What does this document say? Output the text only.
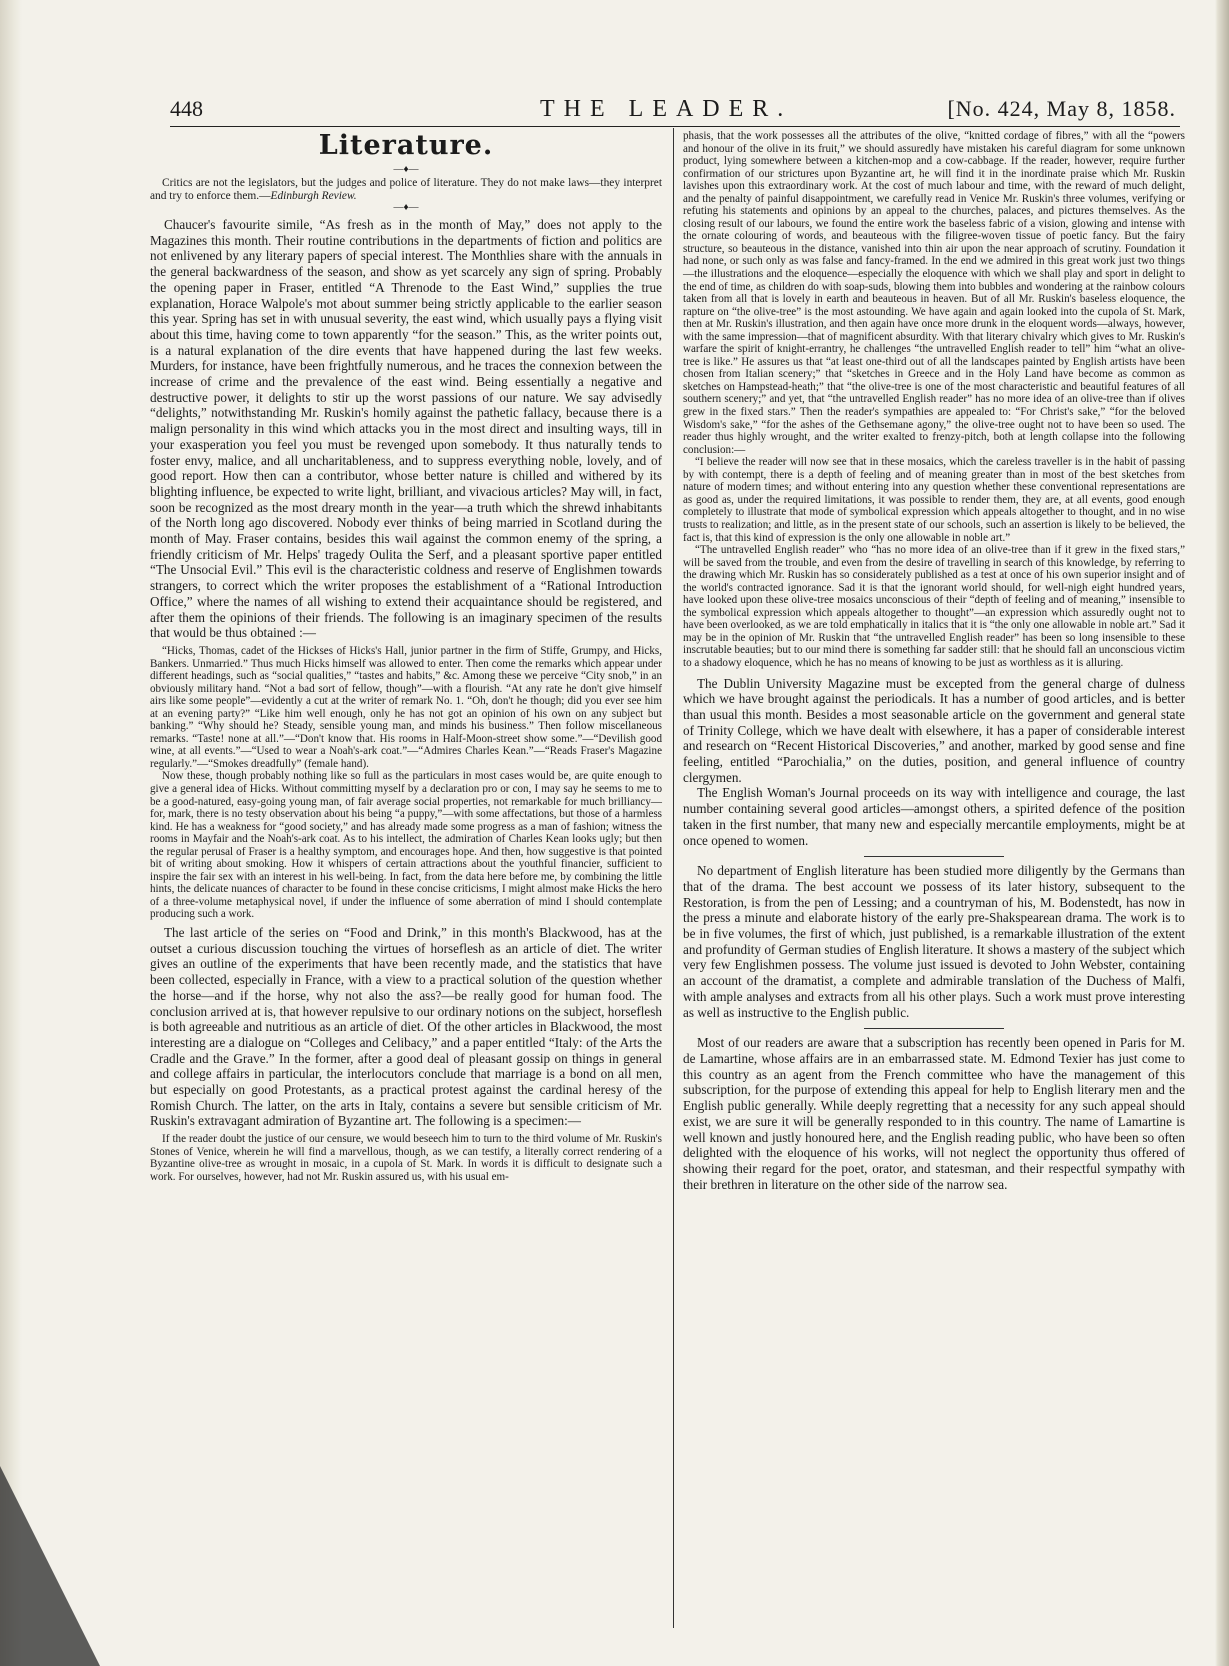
448	THE LEADER.	[No. 424, May 8, 1858.
Literature.

—♦—

Critics are not the legislators, but the judges and police of literature. They do not make laws—they interpret and try to enforce them.—Edinburgh Review.

—♦—

Chaucer's favourite simile, “As fresh as in the month of May,” does not apply to the Magazines this month. Their routine contributions in the departments of fiction and politics are not enlivened by any literary papers of special interest. The Monthlies share with the annuals in the general backwardness of the season, and show as yet scarcely any sign of spring. Probably the opening paper in Fraser, entitled “A Threnode to the East Wind,” supplies the true explanation, Horace Walpole's mot about summer being strictly applicable to the earlier season this year. Spring has set in with unusual severity, the east wind, which usually pays a flying visit about this time, having come to town apparently “for the season.” This, as the writer points out, is a natural explanation of the dire events that have happened during the last few weeks. Murders, for instance, have been frightfully numerous, and he traces the connexion between the increase of crime and the prevalence of the east wind. Being essentially a negative and destructive power, it delights to stir up the worst passions of our nature. We say advisedly “delights,” notwithstanding Mr. Ruskin's homily against the pathetic fallacy, because there is a malign personality in this wind which attacks you in the most direct and insulting ways, till in your exasperation you feel you must be revenged upon somebody. It thus naturally tends to foster envy, malice, and all uncharitableness, and to suppress everything noble, lovely, and of good report. How then can a contributor, whose better nature is chilled and withered by its blighting influence, be expected to write light, brilliant, and vivacious articles? May will, in fact, soon be recognized as the most dreary month in the year—a truth which the shrewd inhabitants of the North long ago discovered. Nobody ever thinks of being married in Scotland during the month of May. Fraser contains, besides this wail against the common enemy of the spring, a friendly criticism of Mr. Helps' tragedy Oulita the Serf, and a pleasant sportive paper entitled “The Unsocial Evil.” This evil is the characteristic coldness and reserve of Englishmen towards strangers, to correct which the writer proposes the establishment of a “Rational Introduction Office,” where the names of all wishing to extend their acquaintance should be registered, and after them the opinions of their friends. The following is an imaginary specimen of the results that would be thus obtained :—

“Hicks, Thomas, cadet of the Hickses of Hicks's Hall, junior partner in the firm of Stiffe, Grumpy, and Hicks, Bankers. Unmarried.” Thus much Hicks himself was allowed to enter. Then come the remarks which appear under different headings, such as “social qualities,” “tastes and habits,” &c. Among these we perceive “City snob,” in an obviously military hand. “Not a bad sort of fellow, though”—with a flourish. “At any rate he don't give himself airs like some people”—evidently a cut at the writer of remark No. 1. “Oh, don't he though; did you ever see him at an evening party?” “Like him well enough, only he has not got an opinion of his own on any subject but banking.” “Why should he? Steady, sensible young man, and minds his business.” Then follow miscellaneous remarks. “Taste! none at all.”—“Don't know that. His rooms in Half-Moon-street show some.”—“Devilish good wine, at all events.”—“Used to wear a Noah's-ark coat.”—“Admires Charles Kean.”—“Reads Fraser's Magazine regularly.”—“Smokes dreadfully” (female hand).

Now these, though probably nothing like so full as the particulars in most cases would be, are quite enough to give a general idea of Hicks. Without committing myself by a declaration pro or con, I may say he seems to me to be a good-natured, easy-going young man, of fair average social properties, not remarkable for much brilliancy—for, mark, there is no testy observation about his being “a puppy,”—with some affectations, but those of a harmless kind. He has a weakness for “good society,” and has already made some progress as a man of fashion; witness the rooms in Mayfair and the Noah's-ark coat. As to his intellect, the admiration of Charles Kean looks ugly; but then the regular perusal of Fraser is a healthy symptom, and encourages hope. And then, how suggestive is that pointed bit of writing about smoking. How it whispers of certain attractions about the youthful financier, sufficient to inspire the fair sex with an interest in his well-being. In fact, from the data here before me, by combining the little hints, the delicate nuances of character to be found in these concise criticisms, I might almost make Hicks the hero of a three-volume metaphysical novel, if under the influence of some aberration of mind I should contemplate producing such a work.

The last article of the series on “Food and Drink,” in this month's Blackwood, has at the outset a curious discussion touching the virtues of horseflesh as an article of diet. The writer gives an outline of the experiments that have been recently made, and the statistics that have been collected, especially in France, with a view to a practical solution of the question whether the horse—and if the horse, why not also the ass?—be really good for human food. The conclusion arrived at is, that however repulsive to our ordinary notions on the subject, horseflesh is both agreeable and nutritious as an article of diet. Of the other articles in Blackwood, the most interesting are a dialogue on “Colleges and Celibacy,” and a paper entitled “Italy: of the Arts the Cradle and the Grave.” In the former, after a good deal of pleasant gossip on things in general and college affairs in particular, the interlocutors conclude that marriage is a bond on all men, but especially on good Protestants, as a practical protest against the cardinal heresy of the Romish Church. The latter, on the arts in Italy, contains a severe but sensible criticism of Mr. Ruskin's extravagant admiration of Byzantine art. The following is a specimen:—

If the reader doubt the justice of our censure, we would beseech him to turn to the third volume of Mr. Ruskin's Stones of Venice, wherein he will find a marvellous, though, as we can testify, a literally correct rendering of a Byzantine olive-tree as wrought in mosaic, in a cupola of St. Mark. In words it is difficult to designate such a work. For ourselves, however, had not Mr. Ruskin assured us, with his usual em-

phasis, that the work possesses all the attributes of the olive, “knitted cordage of fibres,” with all the “powers and honour of the olive in its fruit,” we should assuredly have mistaken his careful diagram for some unknown product, lying somewhere between a kitchen-mop and a cow-cabbage. If the reader, however, require further confirmation of our strictures upon Byzantine art, he will find it in the inordinate praise which Mr. Ruskin lavishes upon this extraordinary work. At the cost of much labour and time, with the reward of much delight, and the penalty of painful disappointment, we carefully read in Venice Mr. Ruskin's three volumes, verifying or refuting his statements and opinions by an appeal to the churches, palaces, and pictures themselves. As the closing result of our labours, we found the entire work the baseless fabric of a vision, glowing and intense with the ornate colouring of words, and beauteous with the filigree-woven tissue of poetic fancy. But the fairy structure, so beauteous in the distance, vanished into thin air upon the near approach of scrutiny. Foundation it had none, or such only as was false and fancy-framed. In the end we admired in this great work just two things—the illustrations and the eloquence—especially the eloquence with which we shall play and sport in delight to the end of time, as children do with soap-suds, blowing them into bubbles and wondering at the rainbow colours taken from all that is lovely in earth and beauteous in heaven. But of all Mr. Ruskin's baseless eloquence, the rapture on “the olive-tree” is the most astounding. We have again and again looked into the cupola of St. Mark, then at Mr. Ruskin's illustration, and then again have once more drunk in the eloquent words—always, however, with the same impression—that of magnificent absurdity. With that literary chivalry which gives to Mr. Ruskin's warfare the spirit of knight-errantry, he challenges “the untravelled English reader to tell” him “what an olive-tree is like.” He assures us that “at least one-third out of all the landscapes painted by English artists have been chosen from Italian scenery;” that “sketches in Greece and in the Holy Land have become as common as sketches on Hampstead-heath;” that “the olive-tree is one of the most characteristic and beautiful features of all southern scenery;” and yet, that “the untravelled English reader” has no more idea of an olive-tree than if olives grew in the fixed stars.” Then the reader's sympathies are appealed to: “For Christ's sake,” “for the beloved Wisdom's sake,” “for the ashes of the Gethsemane agony,” the olive-tree ought not to have been so used. The reader thus highly wrought, and the writer exalted to frenzy-pitch, both at length collapse into the following conclusion:—

“I believe the reader will now see that in these mosaics, which the careless traveller is in the habit of passing by with contempt, there is a depth of feeling and of meaning greater than in most of the best sketches from nature of modern times; and without entering into any question whether these conventional representations are as good as, under the required limitations, it was possible to render them, they are, at all events, good enough completely to illustrate that mode of symbolical expression which appeals altogether to thought, and in no wise trusts to realization; and little, as in the present state of our schools, such an assertion is likely to be believed, the fact is, that this kind of expression is the only one allowable in noble art.”

“The untravelled English reader” who “has no more idea of an olive-tree than if it grew in the fixed stars,” will be saved from the trouble, and even from the desire of travelling in search of this knowledge, by referring to the drawing which Mr. Ruskin has so considerately published as a test at once of his own superior insight and of the world's contracted ignorance. Sad it is that the ignorant world should, for well-nigh eight hundred years, have looked upon these olive-tree mosaics unconscious of their “depth of feeling and of meaning,” insensible to the symbolical expression which appeals altogether to thought”—an expression which assuredly ought not to have been overlooked, as we are told emphatically in italics that it is “the only one allowable in noble art.” Sad it may be in the opinion of Mr. Ruskin that “the untravelled English reader” has been so long insensible to these inscrutable beauties; but to our mind there is something far sadder still: that he should fall an unconscious victim to a shadowy eloquence, which he has no means of knowing to be just as worthless as it is alluring.

The Dublin University Magazine must be excepted from the general charge of dulness which we have brought against the periodicals. It has a number of good articles, and is better than usual this month. Besides a most seasonable article on the government and general state of Trinity College, which we have dealt with elsewhere, it has a paper of considerable interest and research on “Recent Historical Discoveries,” and another, marked by good sense and fine feeling, entitled “Parochialia,” on the duties, position, and general influence of country clergymen.

The English Woman's Journal proceeds on its way with intelligence and courage, the last number containing several good articles—amongst others, a spirited defence of the position taken in the first number, that many new and especially mercantile employments, might be at once opened to women.

No department of English literature has been studied more diligently by the Germans than that of the drama. The best account we possess of its later history, subsequent to the Restoration, is from the pen of Lessing; and a countryman of his, M. Bodenstedt, has now in the press a minute and elaborate history of the early pre-Shakspearean drama. The work is to be in five volumes, the first of which, just published, is a remarkable illustration of the extent and profundity of German studies of English literature. It shows a mastery of the subject which very few Englishmen possess. The volume just issued is devoted to John Webster, containing an account of the dramatist, a complete and admirable translation of the Duchess of Malfi, with ample analyses and extracts from all his other plays. Such a work must prove interesting as well as instructive to the English public.

Most of our readers are aware that a subscription has recently been opened in Paris for M. de Lamartine, whose affairs are in an embarrassed state. M. Edmond Texier has just come to this country as an agent from the French committee who have the management of this subscription, for the purpose of extending this appeal for help to English literary men and the English public generally. While deeply regretting that a necessity for any such appeal should exist, we are sure it will be generally responded to in this country. The name of Lamartine is well known and justly honoured here, and the English reading public, who have been so often delighted with the eloquence of his works, will not neglect the opportunity thus offered of showing their regard for the poet, orator, and statesman, and their respectful sympathy with their brethren in literature on the other side of the narrow sea.
